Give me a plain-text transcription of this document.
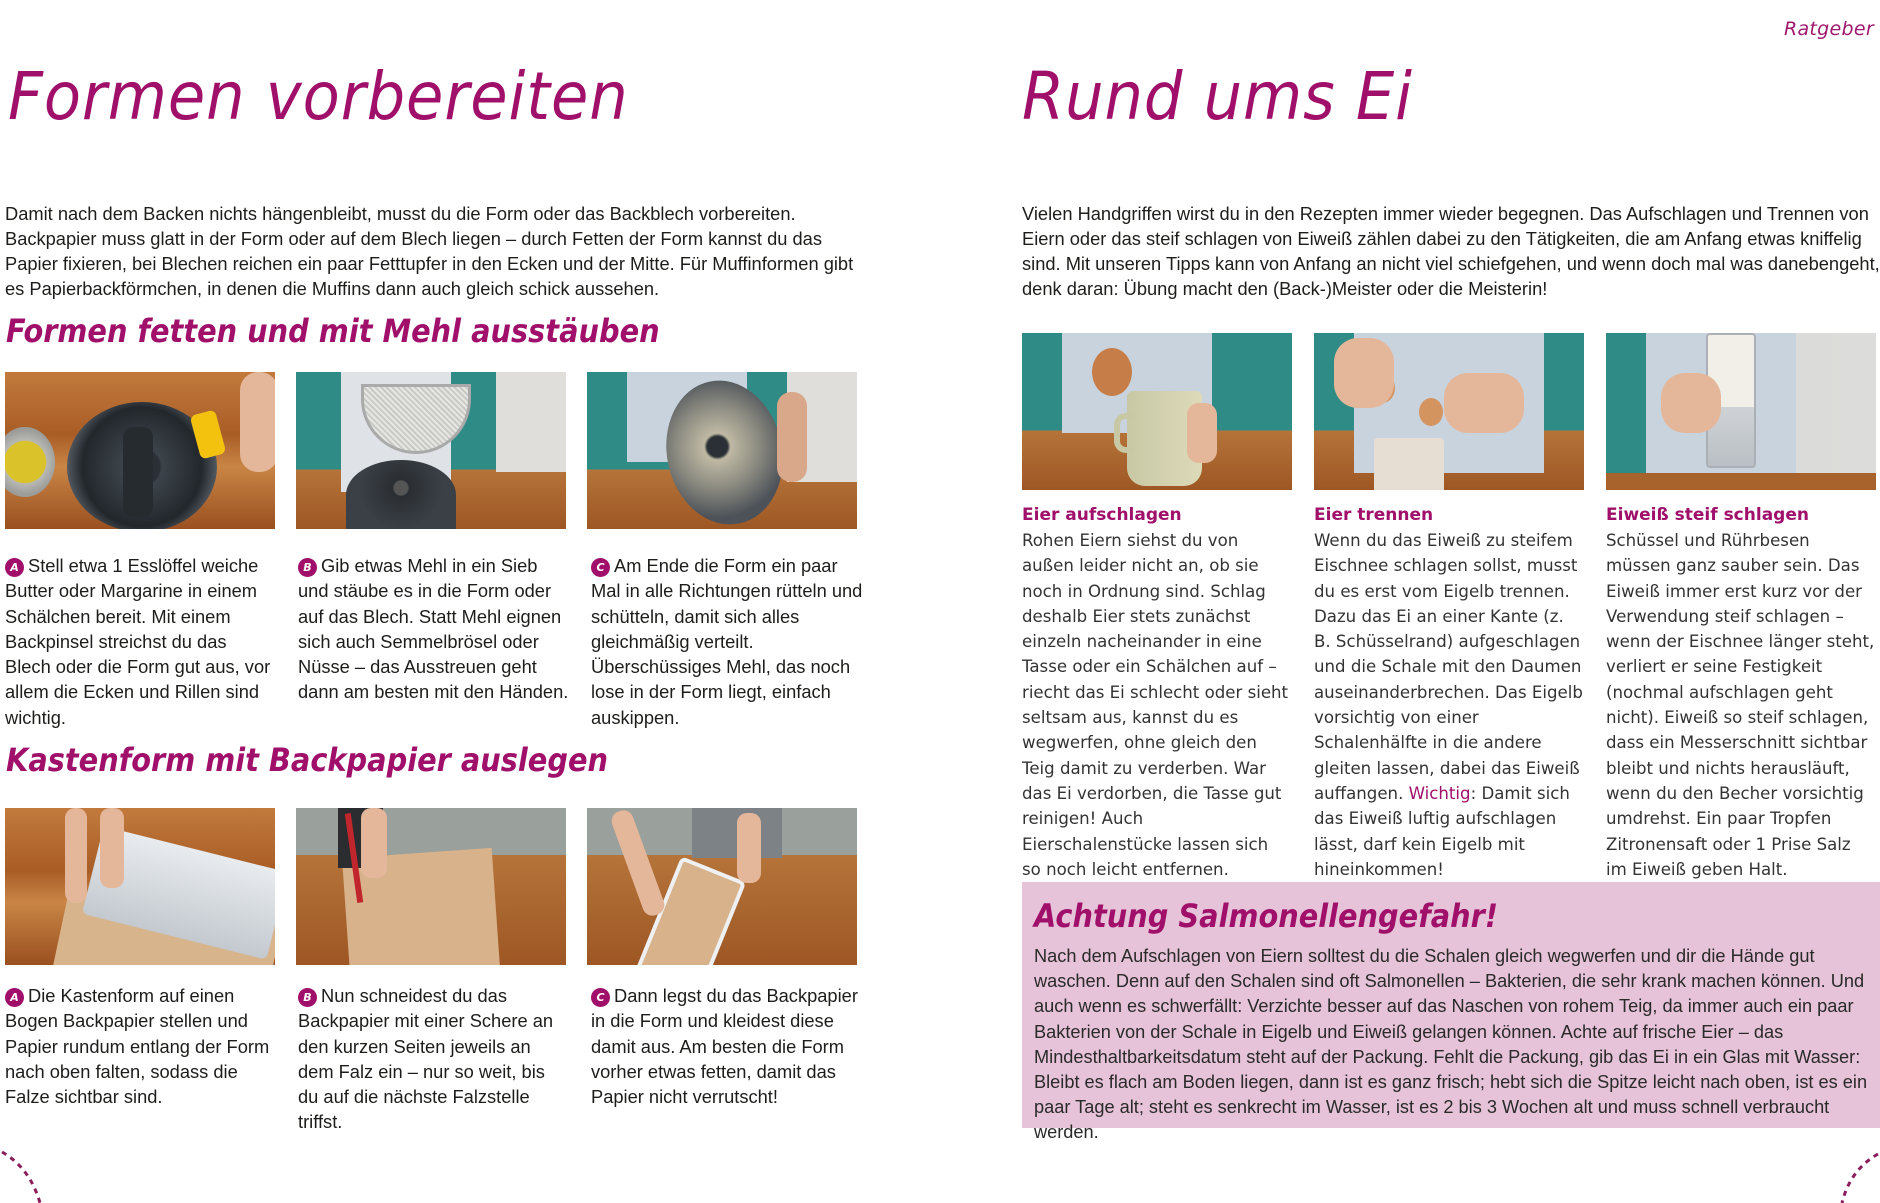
Ratgeber
Formen vorbereiten

Damit nach dem Backen nichts hängenbleibt, musst du die Form oder das Backblech vorbereiten. Backpapier muss glatt in der Form oder auf dem Blech liegen – durch Fetten der Form kannst du das Papier fixieren, bei Blechen reichen ein paar Fetttupfer in den Ecken und der Mitte. Für Muffinformen gibt es Papierbackförmchen, in denen die Muffins dann auch gleich schick aussehen.

Formen fetten und mit Mehl ausstäuben

A Stell etwa 1 Esslöffel weiche Butter oder Margarine in einem Schälchen bereit. Mit einem Backpinsel streichst du das Blech oder die Form gut aus, vor allem die Ecken und Rillen sind wichtig.

B Gib etwas Mehl in ein Sieb und stäube es in die Form oder auf das Blech. Statt Mehl eignen sich auch Semmelbrösel oder Nüsse – das Ausstreuen geht dann am besten mit den Händen.

C Am Ende die Form ein paar Mal in alle Richtungen rütteln und schütteln, damit sich alles gleichmäßig verteilt. Überschüssiges Mehl, das noch lose in der Form liegt, einfach auskippen.

Kastenform mit Backpapier auslegen

A Die Kastenform auf einen Bogen Backpapier stellen und Papier rundum entlang der Form nach oben falten, sodass die Falze sichtbar sind.

B Nun schneidest du das Backpapier mit einer Schere an den kurzen Seiten jeweils an dem Falz ein – nur so weit, bis du auf die nächste Falzstelle triffst.

C Dann legst du das Backpapier in die Form und kleidest diese damit aus. Am besten die Form vorher etwas fetten, damit das Papier nicht verrutscht!

Rund ums Ei

Vielen Handgriffen wirst du in den Rezepten immer wieder begegnen. Das Aufschlagen und Trennen von Eiern oder das steif schlagen von Eiweiß zählen dabei zu den Tätigkeiten, die am Anfang etwas kniffelig sind. Mit unseren Tipps kann von Anfang an nicht viel schiefgehen, und wenn doch mal was danebengeht, denk daran: Übung macht den (Back-)Meister oder die Meisterin!

Eier aufschlagen

Rohen Eiern siehst du von außen leider nicht an, ob sie noch in Ordnung sind. Schlag deshalb Eier stets zunächst einzeln nacheinander in eine Tasse oder ein Schälchen auf – riecht das Ei schlecht oder sieht seltsam aus, kannst du es wegwerfen, ohne gleich den Teig damit zu verderben. War das Ei verdorben, die Tasse gut reinigen! Auch Eierschalenstücke lassen sich so noch leicht entfernen.

Eier trennen

Wenn du das Eiweiß zu steifem Eischnee schlagen sollst, musst du es erst vom Eigelb trennen. Dazu das Ei an einer Kante (z. B. Schüsselrand) aufgeschlagen und die Schale mit den Daumen auseinanderbrechen. Das Eigelb vorsichtig von einer Schalenhälfte in die andere gleiten lassen, dabei das Eiweiß auffangen. Wichtig: Damit sich das Eiweiß luftig aufschlagen lässt, darf kein Eigelb mit hineinkommen!

Eiweiß steif schlagen

Schüssel und Rührbesen müssen ganz sauber sein. Das Eiweiß immer erst kurz vor der Verwendung steif schlagen – wenn der Eischnee länger steht, verliert er seine Festigkeit (nochmal aufschlagen geht nicht). Eiweiß so steif schlagen, dass ein Messerschnitt sichtbar bleibt und nichts herausläuft, wenn du den Becher vorsichtig umdrehst. Ein paar Tropfen Zitronensaft oder 1 Prise Salz im Eiweiß geben Halt.

Achtung Salmonellengefahr!

Nach dem Aufschlagen von Eiern solltest du die Schalen gleich wegwerfen und dir die Hände gut waschen. Denn auf den Schalen sind oft Salmonellen – Bakterien, die sehr krank machen können. Und auch wenn es schwerfällt: Verzichte besser auf das Naschen von rohem Teig, da immer auch ein paar Bakterien von der Schale in Eigelb und Eiweiß gelangen können. Achte auf frische Eier – das Mindesthaltbarkeitsdatum steht auf der Packung. Fehlt die Packung, gib das Ei in ein Glas mit Wasser: Bleibt es flach am Boden liegen, dann ist es ganz frisch; hebt sich die Spitze leicht nach oben, ist es ein paar Tage alt; steht es senkrecht im Wasser, ist es 2 bis 3 Wochen alt und muss schnell verbraucht werden.
